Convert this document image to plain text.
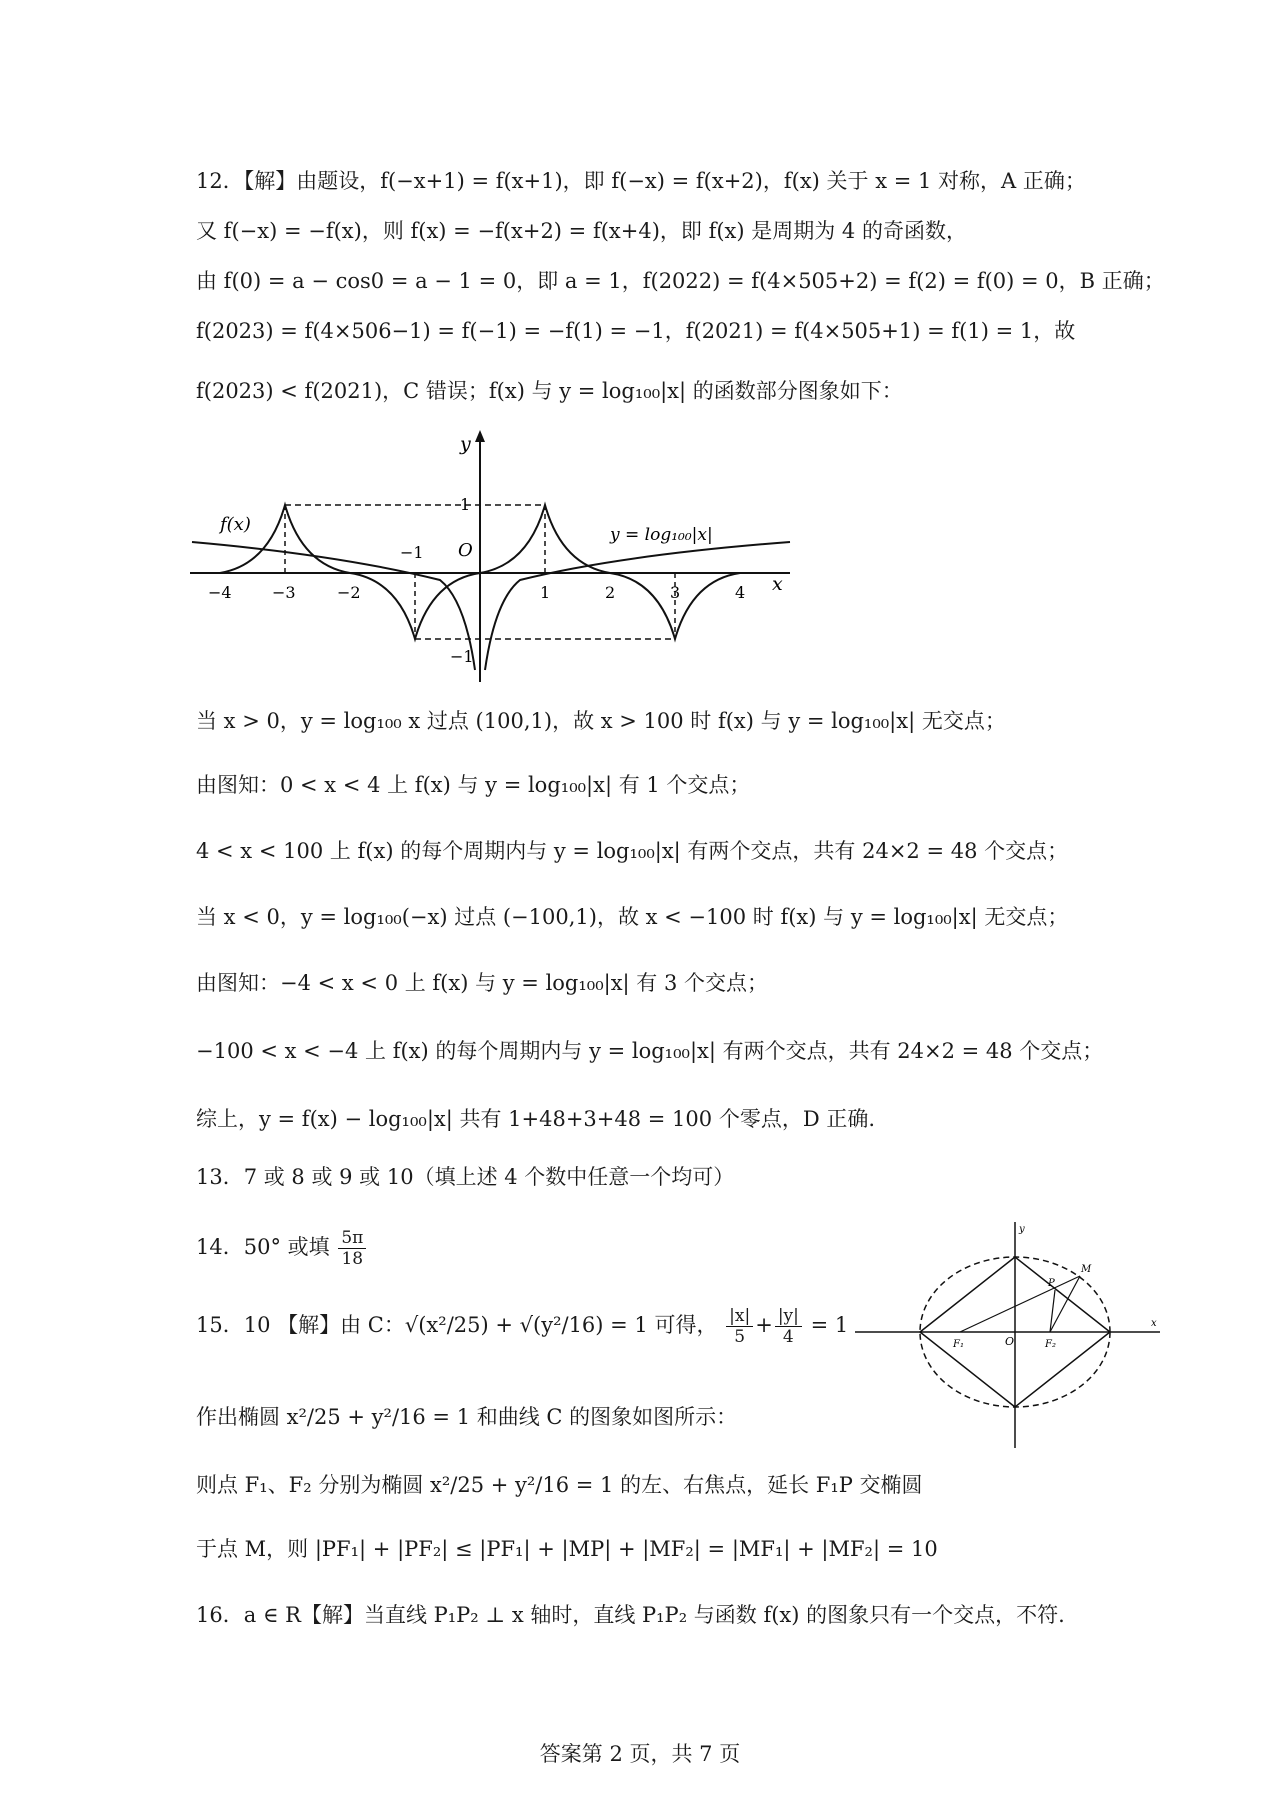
12．【解】由题设，f(−x+1) = f(x+1)，即 f(−x) = f(x+2)，f(x) 关于 x = 1 对称，A 正确；
又 f(−x) = −f(x)，则 f(x) = −f(x+2) = f(x+4)，即 f(x) 是周期为 4 的奇函数，
由 f(0) = a − cos0 = a − 1 = 0，即 a = 1，f(2022) = f(4×505+2) = f(2) = f(0) = 0，B 正确；
f(2023) = f(4×506−1) = f(−1) = −f(1) = −1，f(2021) = f(4×505+1) = f(1) = 1，故
f(2023) < f(2021)，C 错误；f(x) 与 y = log₁₀₀|x| 的函数部分图象如下：
y
x
O
f(x)	y = log₁₀₀|x|
−4	−3	−2
−1
1	2	3	4
1
−1
当 x > 0，y = log₁₀₀ x 过点 (100,1)，故 x > 100 时 f(x) 与 y = log₁₀₀|x| 无交点；
由图知：0 < x < 4 上 f(x) 与 y = log₁₀₀|x| 有 1 个交点；
4 < x < 100 上 f(x) 的每个周期内与 y = log₁₀₀|x| 有两个交点，共有 24×2 = 48 个交点；
当 x < 0，y = log₁₀₀(−x) 过点 (−100,1)，故 x < −100 时 f(x) 与 y = log₁₀₀|x| 无交点；
由图知：−4 < x < 0 上 f(x) 与 y = log₁₀₀|x| 有 3 个交点；
−100 < x < −4 上 f(x) 的每个周期内与 y = log₁₀₀|x| 有两个交点，共有 24×2 = 48 个交点；
综上，y = f(x) − log₁₀₀|x| 共有 1+48+3+48 = 100 个零点，D 正确.
13．7 或 8 或 9 或 10（填上述 4 个数中任意一个均可）
14．50° 或填 $\frac{5\pi}{18}$
15．10 【解】由 C：√(x²/25) + √(y²/16) = 1 可得， $\frac{|x|}{5} + \frac{|y|}{4} = 1$
作出椭圆 x²/25 + y²/16 = 1 和曲线 C 的图象如图所示：
则点 F₁、F₂ 分别为椭圆 x²/25 + y²/16 = 1 的左、右焦点，延长 F₁P 交椭圆
于点 M，则 |PF₁| + |PF₂| ≤ |PF₁| + |MP| + |MF₂| = |MF₁| + |MF₂| = 10
16．a ∈ R【解】当直线 P₁P₂ ⊥ x 轴时，直线 P₁P₂ 与函数 f(x) 的图象只有一个交点，不符.
y
x
O
F₁	F₂
P
M
答案第 2 页，共 7 页
